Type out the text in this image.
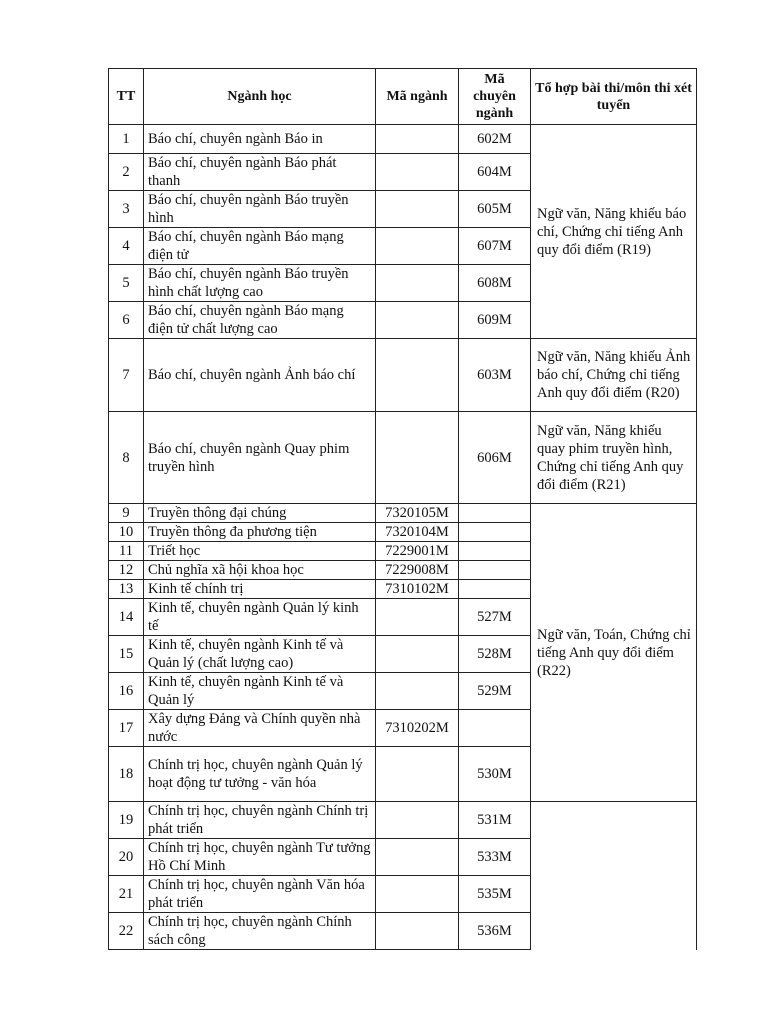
TT	Ngành học	Mã ngành	Mã chuyên ngành	Tổ hợp bài thi/môn thi xét tuyển
1	Báo chí, chuyên ngành Báo in		602M	Ngữ văn, Năng khiếu báo chí, Chứng chỉ tiếng Anh quy đổi điểm (R19)
2	Báo chí, chuyên ngành Báo phát thanh		604M	
3	Báo chí, chuyên ngành Báo truyền hình		605M	
4	Báo chí, chuyên ngành Báo mạng điện tử		607M	
5	Báo chí, chuyên ngành Báo truyền hình chất lượng cao		608M	
6	Báo chí, chuyên ngành Báo mạng điện tử chất lượng cao		609M	
7	Báo chí, chuyên ngành Ảnh báo chí		603M	Ngữ văn, Năng khiếu Ảnh báo chí, Chứng chỉ tiếng Anh quy đổi điểm (R20)
8	Báo chí, chuyên ngành Quay phim truyền hình		606M	Ngữ văn, Năng khiếu quay phim truyền hình, Chứng chỉ tiếng Anh quy đổi điểm (R21)
9	Truyền thông đại chúng	7320105M		Ngữ văn, Toán, Chứng chỉ tiếng Anh quy đổi điểm (R22)
10	Truyền thông đa phương tiện	7320104M		
11	Triết học	7229001M		
12	Chủ nghĩa xã hội khoa học	7229008M		
13	Kinh tế chính trị	7310102M		
14	Kinh tế, chuyên ngành Quản lý kinh tế		527M	
15	Kinh tế, chuyên ngành Kinh tế và Quản lý (chất lượng cao)		528M	
16	Kinh tế, chuyên ngành Kinh tế và Quản lý		529M	
17	Xây dựng Đảng và Chính quyền nhà nước	7310202M		
18	Chính trị học, chuyên ngành Quản lý hoạt động tư tưởng - văn hóa		530M	
19	Chính trị học, chuyên ngành Chính trị phát triển		531M	
20	Chính trị học, chuyên ngành Tư tưởng Hồ Chí Minh		533M	
21	Chính trị học, chuyên ngành Văn hóa phát triển		535M	
22	Chính trị học, chuyên ngành Chính sách công		536M	
